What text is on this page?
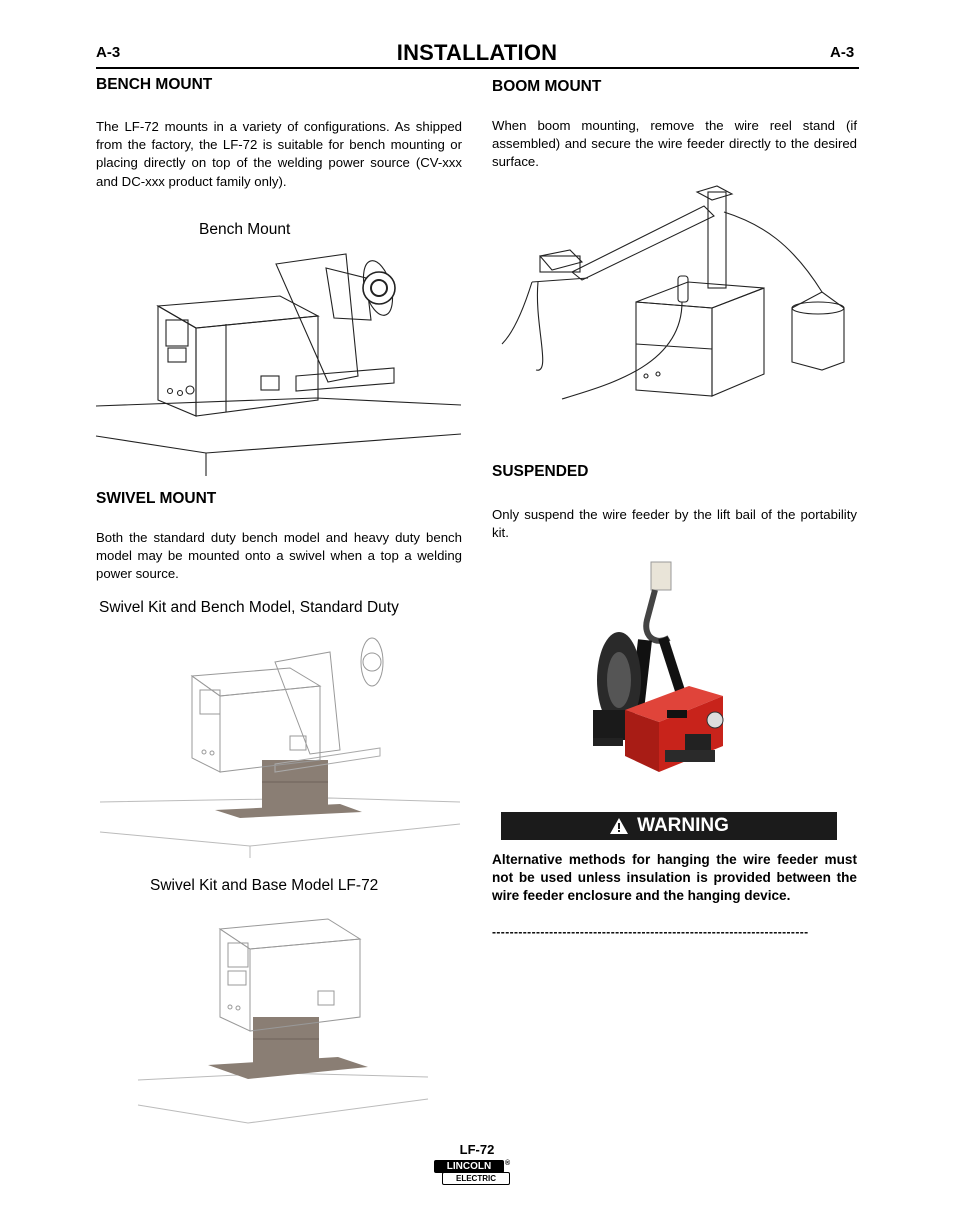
A-3	INSTALLATION	A-3
BENCH MOUNT
The LF-72 mounts in a variety of configurations. As shipped from the factory, the LF-72 is suitable for bench mounting or placing directly on top of the welding power source (CV-xxx and DC-xxx product family only).
Bench Mount
SWIVEL MOUNT
Both the standard duty bench model and heavy duty bench model may be mounted onto a swivel when a top a welding power source.
Swivel Kit and Bench Model, Standard Duty
Swivel Kit and Base Model LF-72
BOOM MOUNT
When boom mounting, remove the wire reel stand (if assembled) and secure the wire feeder directly to the desired surface.
SUSPENDED
Only suspend the wire feeder by the lift bail of the portability kit.
WARNING
Alternative methods for hanging the wire feeder must not be used unless insulation is provided between the wire feeder enclosure and the hanging device.
------------------------------------------------------------------------
LF-72
LINCOLN	®
ELECTRIC
